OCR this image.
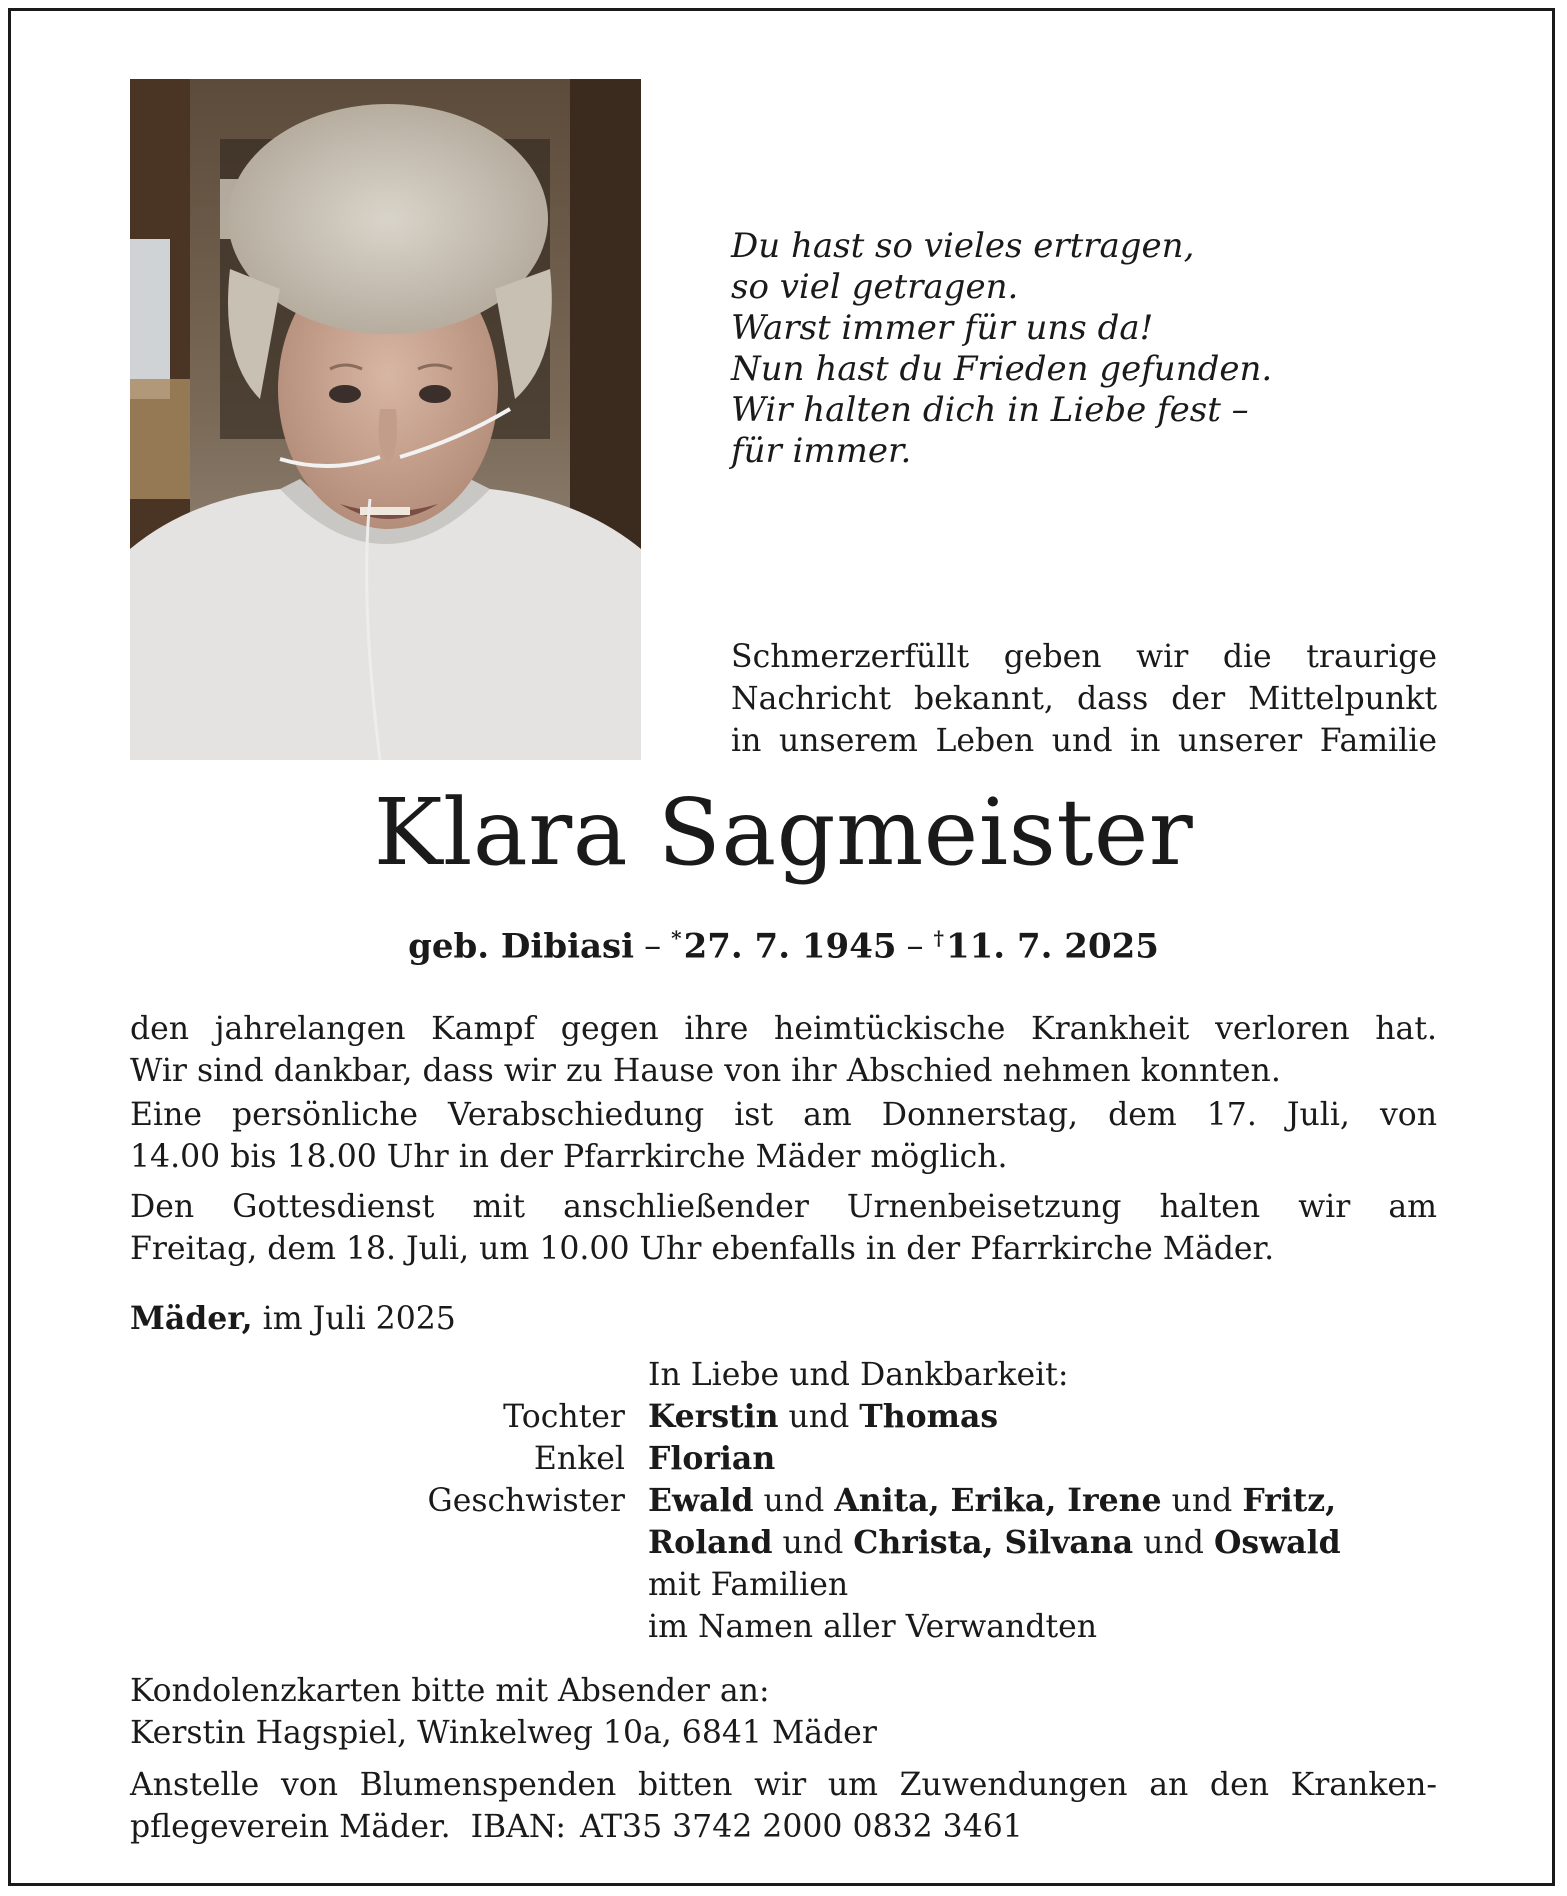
Du hast so vieles ertragen,
so viel getragen.
Warst immer für uns da!
Nun hast du Frieden gefunden.
Wir halten dich in Liebe fest –
für immer.
Schmerzerfüllt geben wir die traurige
Nachricht bekannt, dass der Mittelpunkt
in unserem Leben und in unserer Familie
Klara Sagmeister
geb. Dibiasi – *27. 7. 1945 – †11. 7. 2025
den jahrelangen Kampf gegen ihre heimtückische Krankheit verloren hat.
Wir sind dankbar, dass wir zu Hause von ihr Abschied nehmen konnten.
Eine persönliche Verabschiedung ist am Donnerstag, dem 17. Juli, von
14.00 bis 18.00 Uhr in der Pfarrkirche Mäder möglich.
Den Gottesdienst mit anschließender Urnenbeisetzung halten wir am
Freitag, dem 18. Juli, um 10.00 Uhr ebenfalls in der Pfarrkirche Mäder.
Mäder, im Juli 2025
In Liebe und Dankbarkeit:
Tochter Kerstin und Thomas
Enkel Florian
Geschwister Ewald und Anita, Erika, Irene und Fritz,
Roland und Christa, Silvana und Oswald
mit Familien
im Namen aller Verwandten
Kondolenzkarten bitte mit Absender an:
Kerstin Hagspiel, Winkelweg 10a, 6841 Mäder
Anstelle von Blumenspenden bitten wir um Zuwendungen an den Kranken-
pflegeverein Mäder. IBAN: AT35 3742 2000 0832 3461
